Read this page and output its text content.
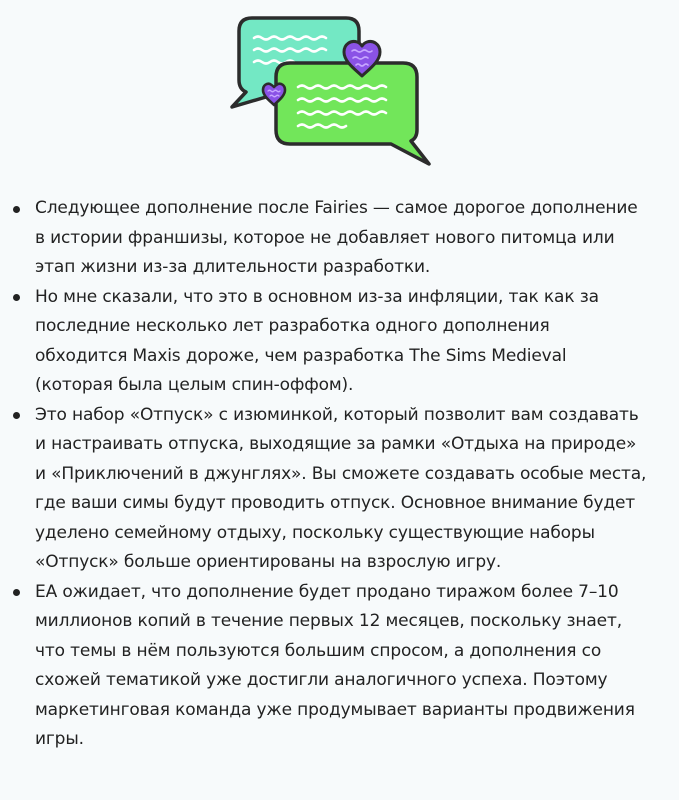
Следующее дополнение после Fairies — самое дорогое дополнение
в истории франшизы, которое не добавляет нового питомца или
этап жизни из-за длительности разработки.
Но мне сказали, что это в основном из-за инфляции, так как за
последние несколько лет разработка одного дополнения
обходится Maxis дороже, чем разработка The Sims Medieval
(которая была целым спин-оффом).
Это набор «Отпуск» с изюминкой, который позволит вам создавать
и настраивать отпуска, выходящие за рамки «Отдыха на природе»
и «Приключений в джунглях». Вы сможете создавать особые места,
где ваши симы будут проводить отпуск. Основное внимание будет
уделено семейному отдыху, поскольку существующие наборы
«Отпуск» больше ориентированы на взрослую игру.
EA ожидает, что дополнение будет продано тиражом более 7–10
миллионов копий в течение первых 12 месяцев, поскольку знает,
что темы в нём пользуются большим спросом, а дополнения со
схожей тематикой уже достигли аналогичного успеха. Поэтому
маркетинговая команда уже продумывает варианты продвижения
игры.
